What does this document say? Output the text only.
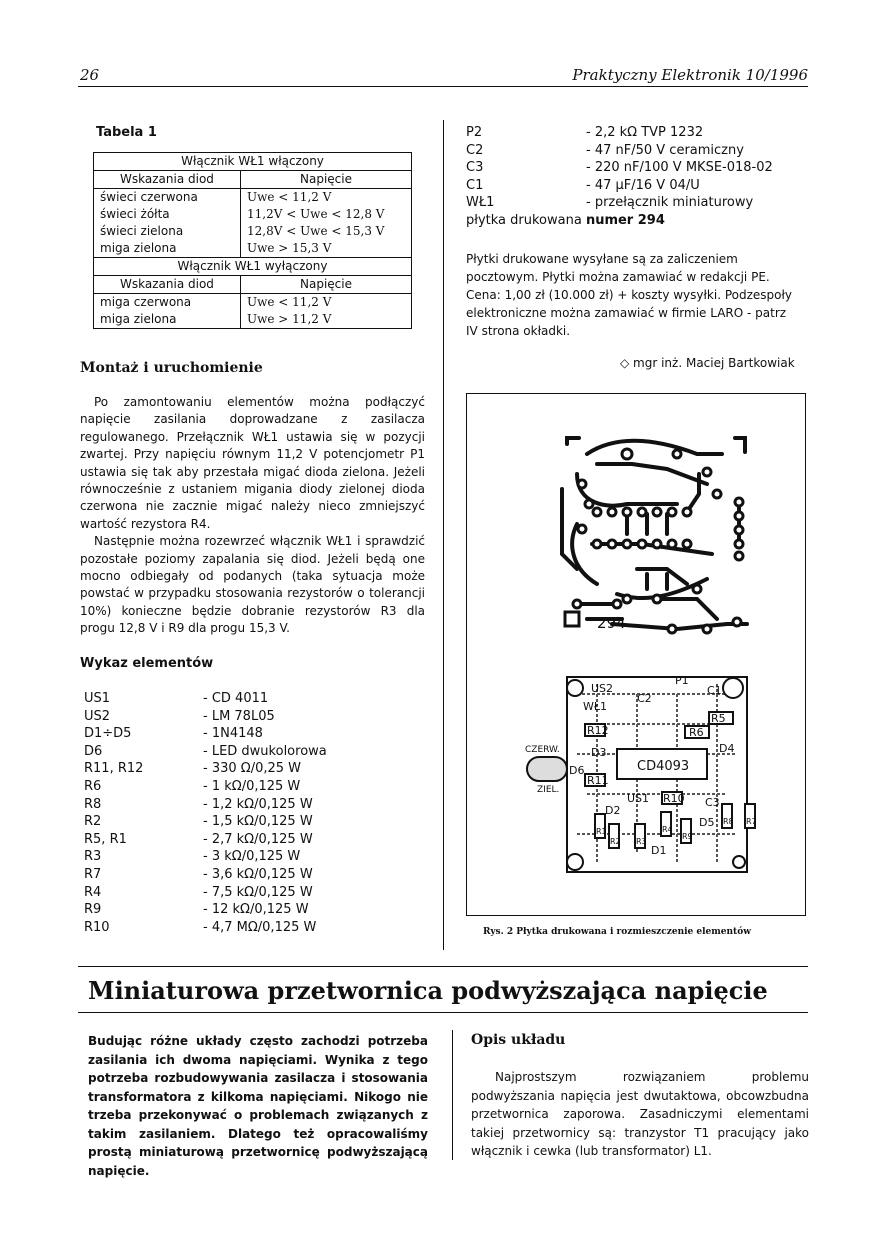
26	Praktyczny Elektronik 10/1996
Tabela 1
Włącznik WŁ1 włączony
Wskazania diod	Napięcie
świeci czerwona	Uwe < 11,2 V
świeci żółta	11,2V < Uwe < 12,8 V
świeci zielona	12,8V < Uwe < 15,3 V
miga zielona	Uwe > 15,3 V
Włącznik WŁ1 wyłączony
Wskazania diod	Napięcie
miga czerwona	Uwe < 11,2 V
miga zielona	Uwe > 11,2 V
Montaż i uruchomienie

Po zamontowaniu elementów można podłączyć napięcie zasilania doprowadzane z zasilacza regulowanego. Przełącznik WŁ1 ustawia się w pozycji zwartej. Przy napięciu równym 11,2 V potencjometr P1 ustawia się tak aby przestała migać dioda zielona. Jeżeli równocześnie z ustaniem migania diody zielonej dioda czerwona nie zacznie migać należy nieco zmniejszyć wartość rezystora R4.

Następnie można rozewrzeć włącznik WŁ1 i sprawdzić pozostałe poziomy zapalania się diod. Jeżeli będą one mocno odbiegały od podanych (taka sytuacja może powstać w przypadku stosowania rezystorów o tolerancji 10%) konieczne będzie dobranie rezystorów R3 dla progu 12,8 V i R9 dla progu 15,3 V.

Wykaz elementów
US1	- CD 4011
US2	- LM 78L05
D1÷D5	- 1N4148
D6	- LED dwukolorowa
R11, R12	- 330 Ω/0,25 W
R6	- 1 kΩ/0,125 W
R8	- 1,2 kΩ/0,125 W
R2	- 1,5 kΩ/0,125 W
R5, R1	- 2,7 kΩ/0,125 W
R3	- 3 kΩ/0,125 W
R7	- 3,6 kΩ/0,125 W
R4	- 7,5 kΩ/0,125 W
R9	- 12 kΩ/0,125 W
R10	- 4,7 MΩ/0,125 W
P2	- 2,2 kΩ TVP 1232
C2	- 47 nF/50 V ceramiczny
C3	- 220 nF/100 V MKSE-018-02
C1	- 47 μF/16 V 04/U
WŁ1	- przełącznik miniaturowy
płytka drukowana numer 294
Płytki drukowane wysyłane są za zaliczeniem pocztowym. Płytki można zamawiać w redakcji PE. Cena: 1,00 zł (10.000 zł) + koszty wysyłki. Podzespoły elektroniczne można zamawiać w firmie LARO - patrz IV strona okładki.
◇ mgr inż. Maciej Bartkowiak
294
US2
C2
P1
C1
WŁ1
R12
R5
D3
R6
D4
CZERW.
D6	CD4093
ZIEL.
R11
US1 R10
D2
C3
R1
R2 R3
R4
R9
D5 R8 R7
D1
Rys. 2 Płytka drukowana i rozmieszczenie elementów
Miniaturowa przetwornica podwyższająca napięcie
Budując różne układy często zachodzi potrzeba zasilania ich dwoma napięciami. Wynika z tego potrzeba rozbudowywania zasilacza i stosowania transformatora z kilkoma napięciami. Nikogo nie trzeba przekonywać o problemach związanych z takim zasilaniem. Dlatego też opracowaliśmy prostą miniaturową przetwornicę podwyższającą napięcie.
Opis układu

Najprostszym rozwiązaniem problemu podwyższania napięcia jest dwutaktowa, obcowzbudna przetwornica zaporowa. Zasadniczymi elementami takiej przetwornicy są: tranzystor T1 pracujący jako włącznik i cewka (lub transformator) L1.
